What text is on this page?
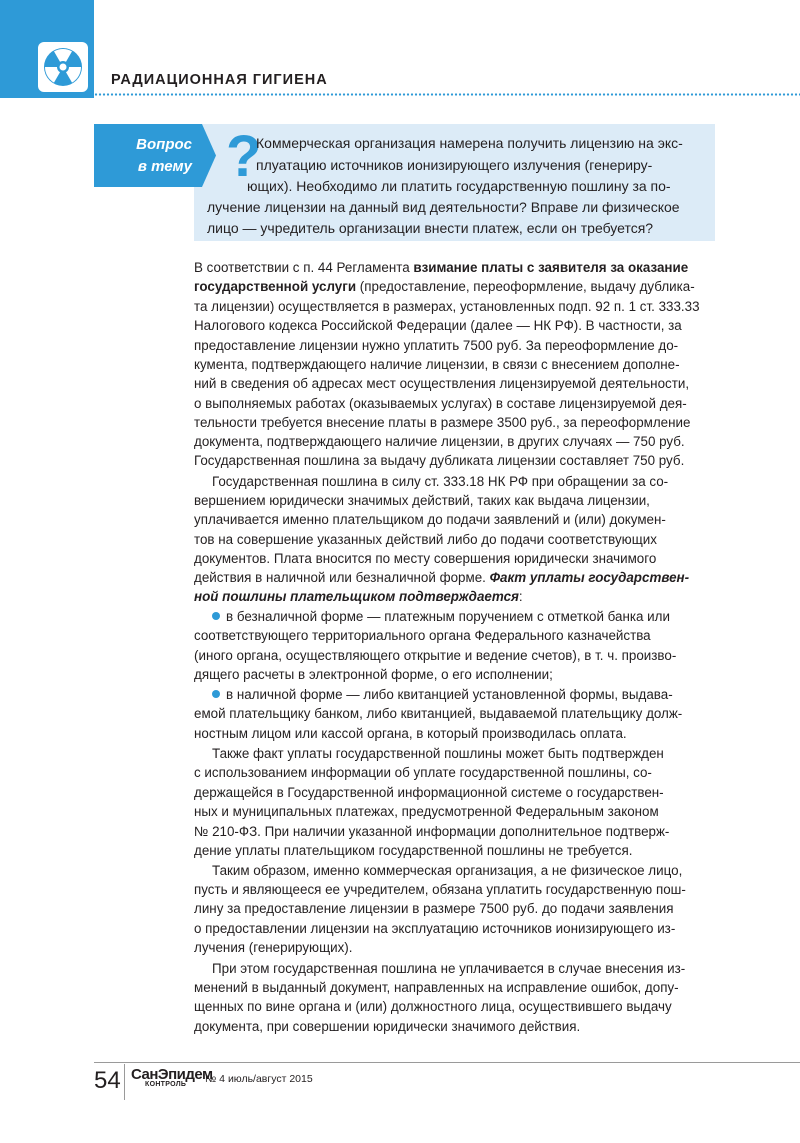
РАДИАЦИОННАЯ ГИГИЕНА
Вопрос
в тему ?
Коммерческая организация намерена получить лицензию на экс-
плуатацию источников ионизирующего излучения (генериру-
ющих). Необходимо ли платить государственную пошлину за по-
лучение лицензии на данный вид деятельности? Вправе ли физическое
лицо — учредитель организации внести платеж, если он требуется?
В соответствии с п. 44 Регламента взимание платы с заявителя за оказание
государственной услуги (предоставление, переоформление, выдачу дублика-
та лицензии) осуществляется в размерах, установленных подп. 92 п. 1 ст. 333.33
Налогового кодекса Российской Федерации (далее — НК РФ). В частности, за
предоставление лицензии нужно уплатить 7500 руб. За переоформление до-
кумента, подтверждающего наличие лицензии, в связи с внесением дополне-
ний в сведения об адресах мест осуществления лицензируемой деятельности,
о выполняемых работах (оказываемых услугах) в составе лицензируемой дея-
тельности требуется внесение платы в размере 3500 руб., за переоформление
документа, подтверждающего наличие лицензии, в других случаях — 750 руб.
Государственная пошлина за выдачу дубликата лицензии составляет 750 руб.
Государственная пошлина в силу ст. 333.18 НК РФ при обращении за со-
вершением юридически значимых действий, таких как выдача лицензии,
уплачивается именно плательщиком до подачи заявлений и (или) докумен-
тов на совершение указанных действий либо до подачи соответствующих
документов. Плата вносится по месту совершения юридически значимого
действия в наличной или безналичной форме. Факт уплаты государствен-
ной пошлины плательщиком подтверждается:
в безналичной форме — платежным поручением с отметкой банка или
соответствующего территориального органа Федерального казначейства
(иного органа, осуществляющего открытие и ведение счетов), в т. ч. произво-
дящего расчеты в электронной форме, о его исполнении;
в наличной форме — либо квитанцией установленной формы, выдава-
емой плательщику банком, либо квитанцией, выдаваемой плательщику долж-
ностным лицом или кассой органа, в который производилась оплата.
Также факт уплаты государственной пошлины может быть подтвержден
с использованием информации об уплате государственной пошлины, со-
держащейся в Государственной информационной системе о государствен-
ных и муниципальных платежах, предусмотренной Федеральным законом
№ 210-ФЗ. При наличии указанной информации дополнительное подтверж-
дение уплаты плательщиком государственной пошлины не требуется.
Таким образом, именно коммерческая организация, а не физическое лицо,
пусть и являющееся ее учредителем, обязана уплатить государственную пош-
лину за предоставление лицензии в размере 7500 руб. до подачи заявления
о предоставлении лицензии на эксплуатацию источников ионизирующего из-
лучения (генерирующих).
При этом государственная пошлина не уплачивается в случае внесения из-
менений в выданный документ, направленных на исправление ошибок, допу-
щенных по вине органа и (или) должностного лица, осуществившего выдачу
документа, при совершении юридически значимого действия.
54 СанЭпидем
КОНТРОЛЬ № 4 июль/август 2015
